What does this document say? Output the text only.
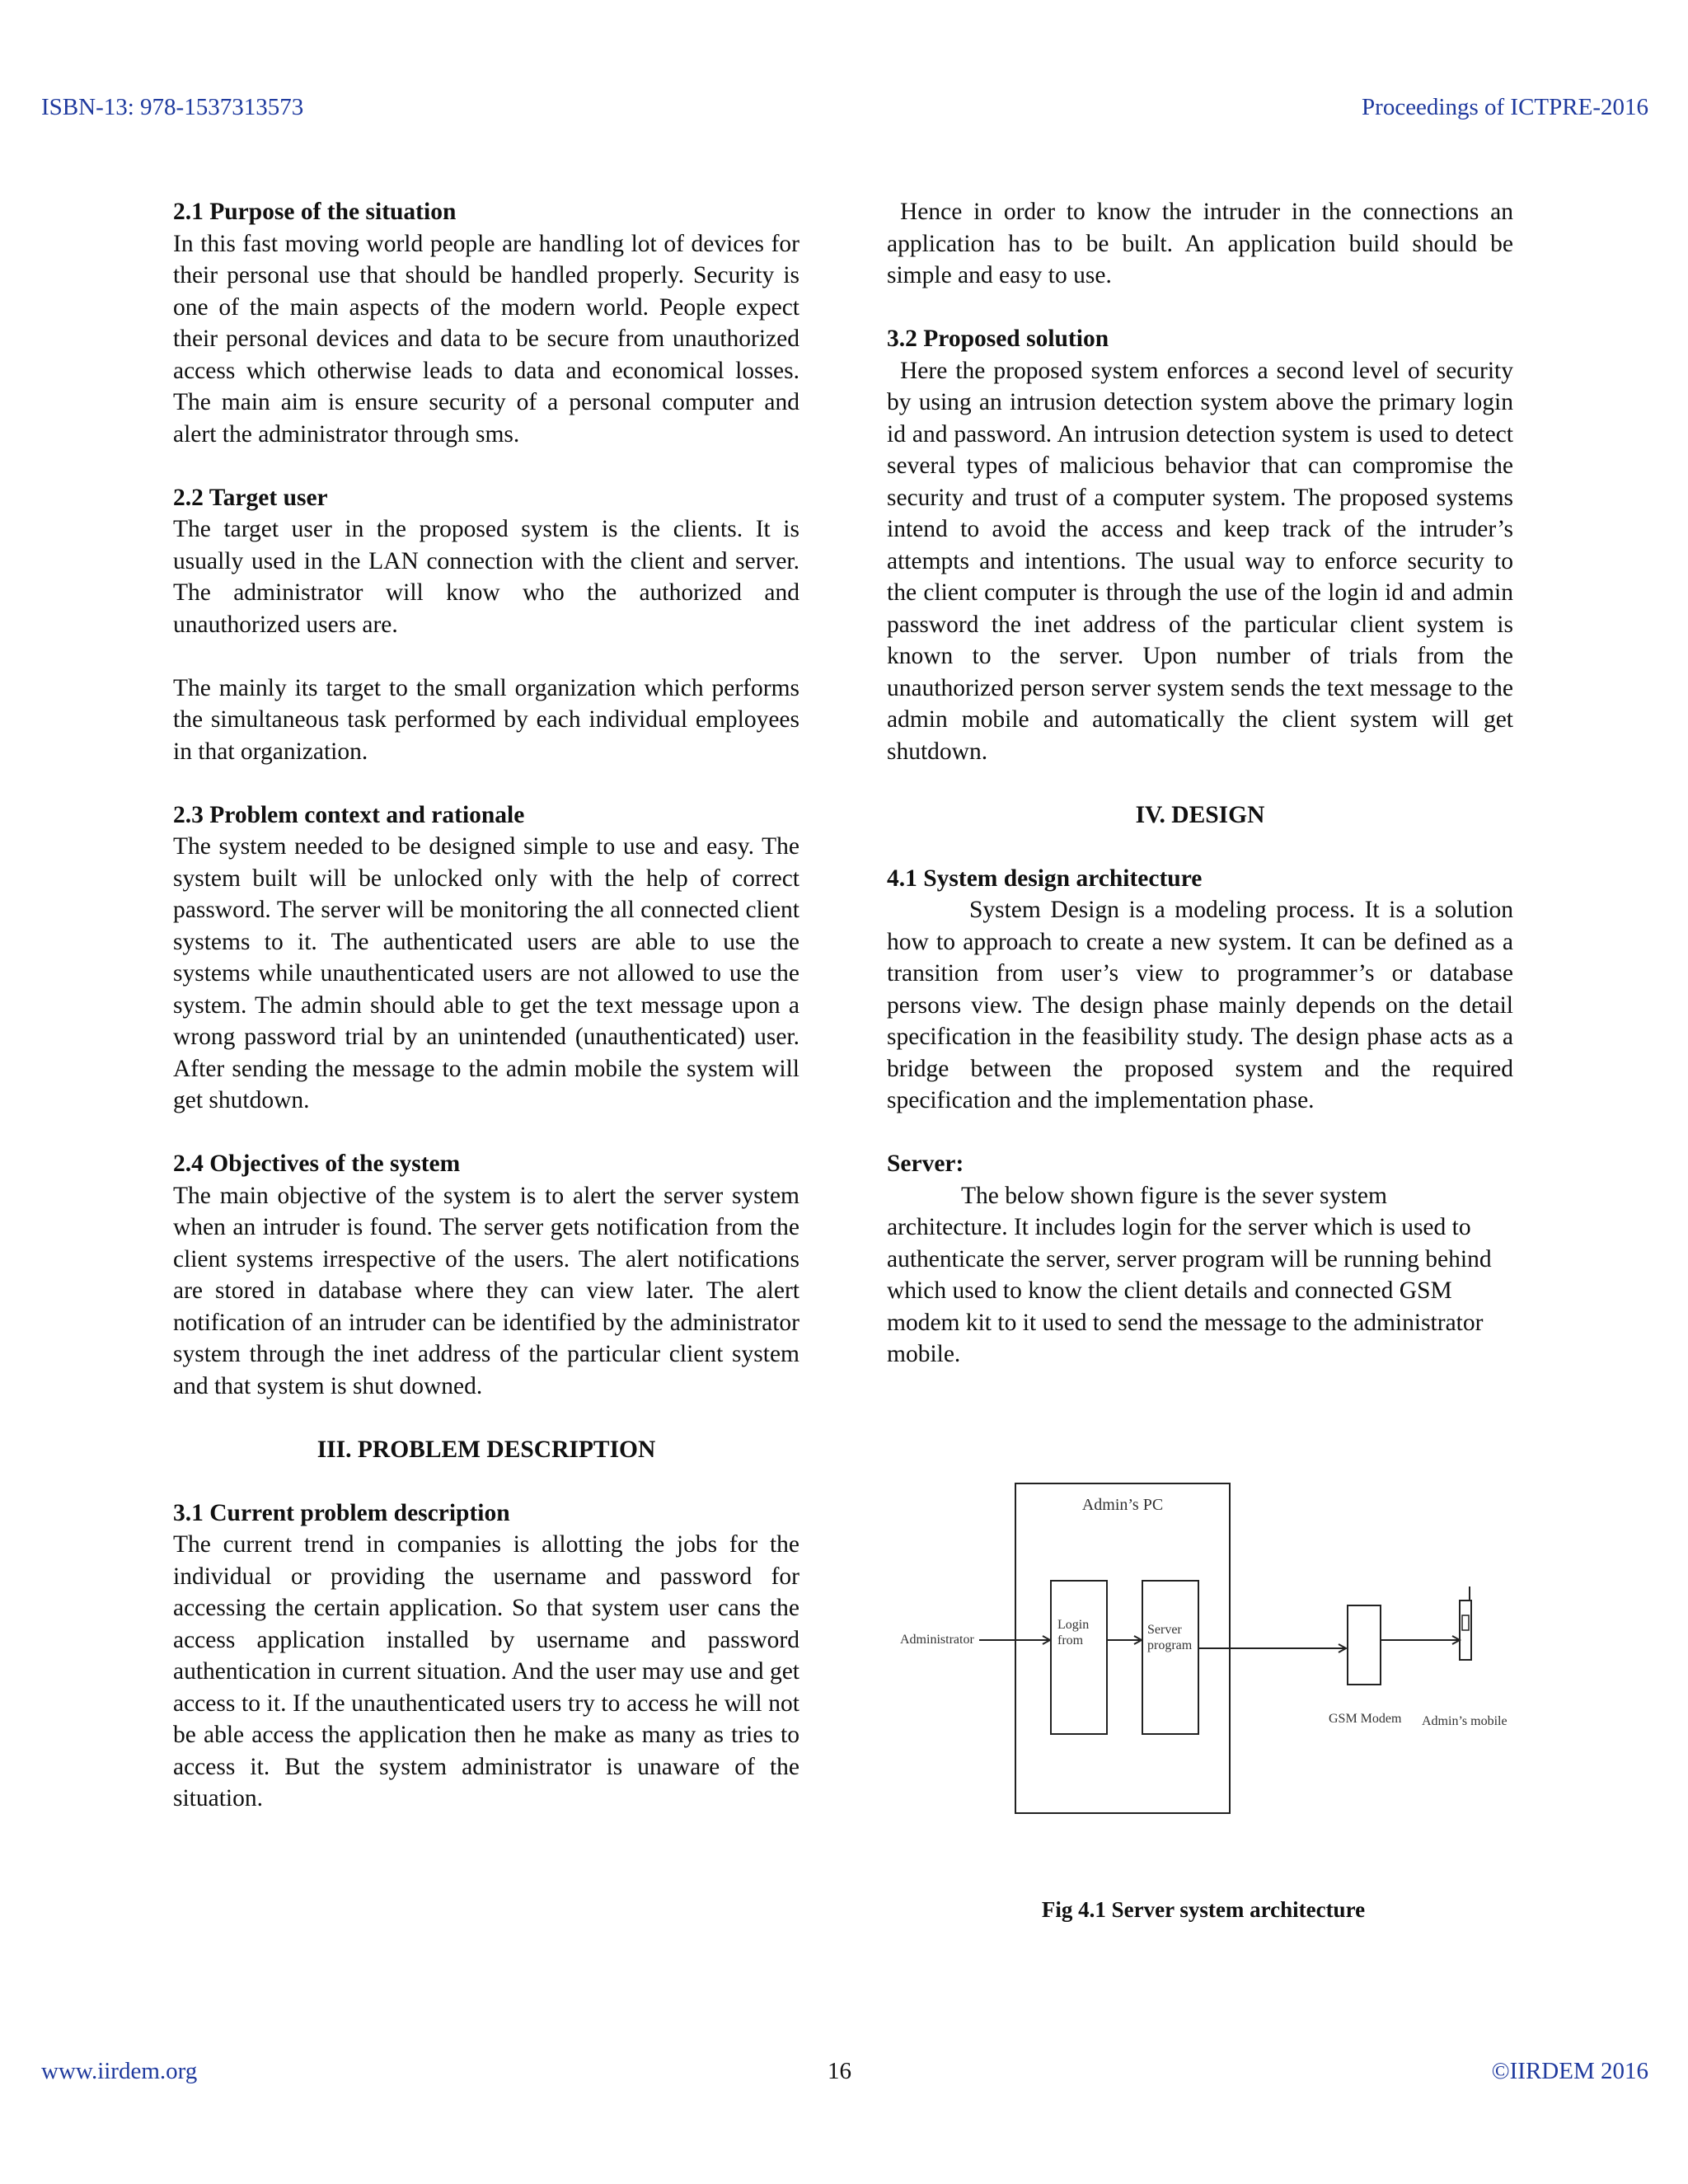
ISBN-13: 978-1537313573	Proceedings of ICTPRE-2016
2.1 Purpose of the situation

In this fast moving world people are handling lot of devices for their personal use that should be handled properly. Security is one of the main aspects of the modern world. People expect their personal devices and data to be secure from unauthorized access which otherwise leads to data and economical losses. The main aim is ensure security of a personal computer and alert the administrator through sms.

2.2 Target user

The target user in the proposed system is the clients. It is usually used in the LAN connection with the client and server. The administrator will know who the authorized and unauthorized users are.

The mainly its target to the small organization which performs the simultaneous task performed by each individual employees in that organization.

2.3 Problem context and rationale

The system needed to be designed simple to use and easy. The system built will be unlocked only with the help of correct password. The server will be monitoring the all connected client systems to it. The authenticated users are able to use the systems while unauthenticated users are not allowed to use the system. The admin should able to get the text message upon a wrong password trial by an unintended (unauthenticated) user. After sending the message to the admin mobile the system will get shutdown.

2.4 Objectives of the system

The main objective of the system is to alert the server system when an intruder is found. The server gets notification from the client systems irrespective of the users. The alert notifications are stored in database where they can view later. The alert notification of an intruder can be identified by the administrator system through the inet address of the particular client system and that system is shut downed.

III. PROBLEM DESCRIPTION
3.1 Current problem description

The current trend in companies is allotting the jobs for the individual or providing the username and password for accessing the certain application. So that system user cans the access application installed by username and password authentication in current situation. And the user may use and get access to it. If the unauthenticated users try to access he will not be able access the application then he make as many as tries to access it. But the system administrator is unaware of the situation.

Hence in order to know the intruder in the connections an application has to be built. An application build should be simple and easy to use.

3.2 Proposed solution

Here the proposed system enforces a second level of security by using an intrusion detection system above the primary login id and password. An intrusion detection system is used to detect several types of malicious behavior that can compromise the security and trust of a computer system. The proposed systems intend to avoid the access and keep track of the intruder’s attempts and intentions. The usual way to enforce security to the client computer is through the use of the login id and admin password the inet address of the particular client system is known to the server. Upon number of trials from the unauthorized person server system sends the text message to the admin mobile and automatically the client system will get shutdown.

IV. DESIGN
4.1 System design architecture

System Design is a modeling process. It is a solution how to approach to create a new system. It can be defined as a transition from user’s view to programmer’s or database persons view. The design phase mainly depends on the detail specification in the feasibility study. The design phase acts as a bridge between the proposed system and the required specification and the implementation phase.

Server:

The below shown figure is the sever system architecture. It includes login for the server which is used to authenticate the server, server program will be running behind which used to know the client details and connected GSM modem kit to it used to send the message to the administrator mobile.

Admin’s PC
Login
from
Server
program
Administrator
GSM Modem Admin’s mobile
Fig 4.1 Server system architecture
www.iirdem.org	16	©IIRDEM 2016
